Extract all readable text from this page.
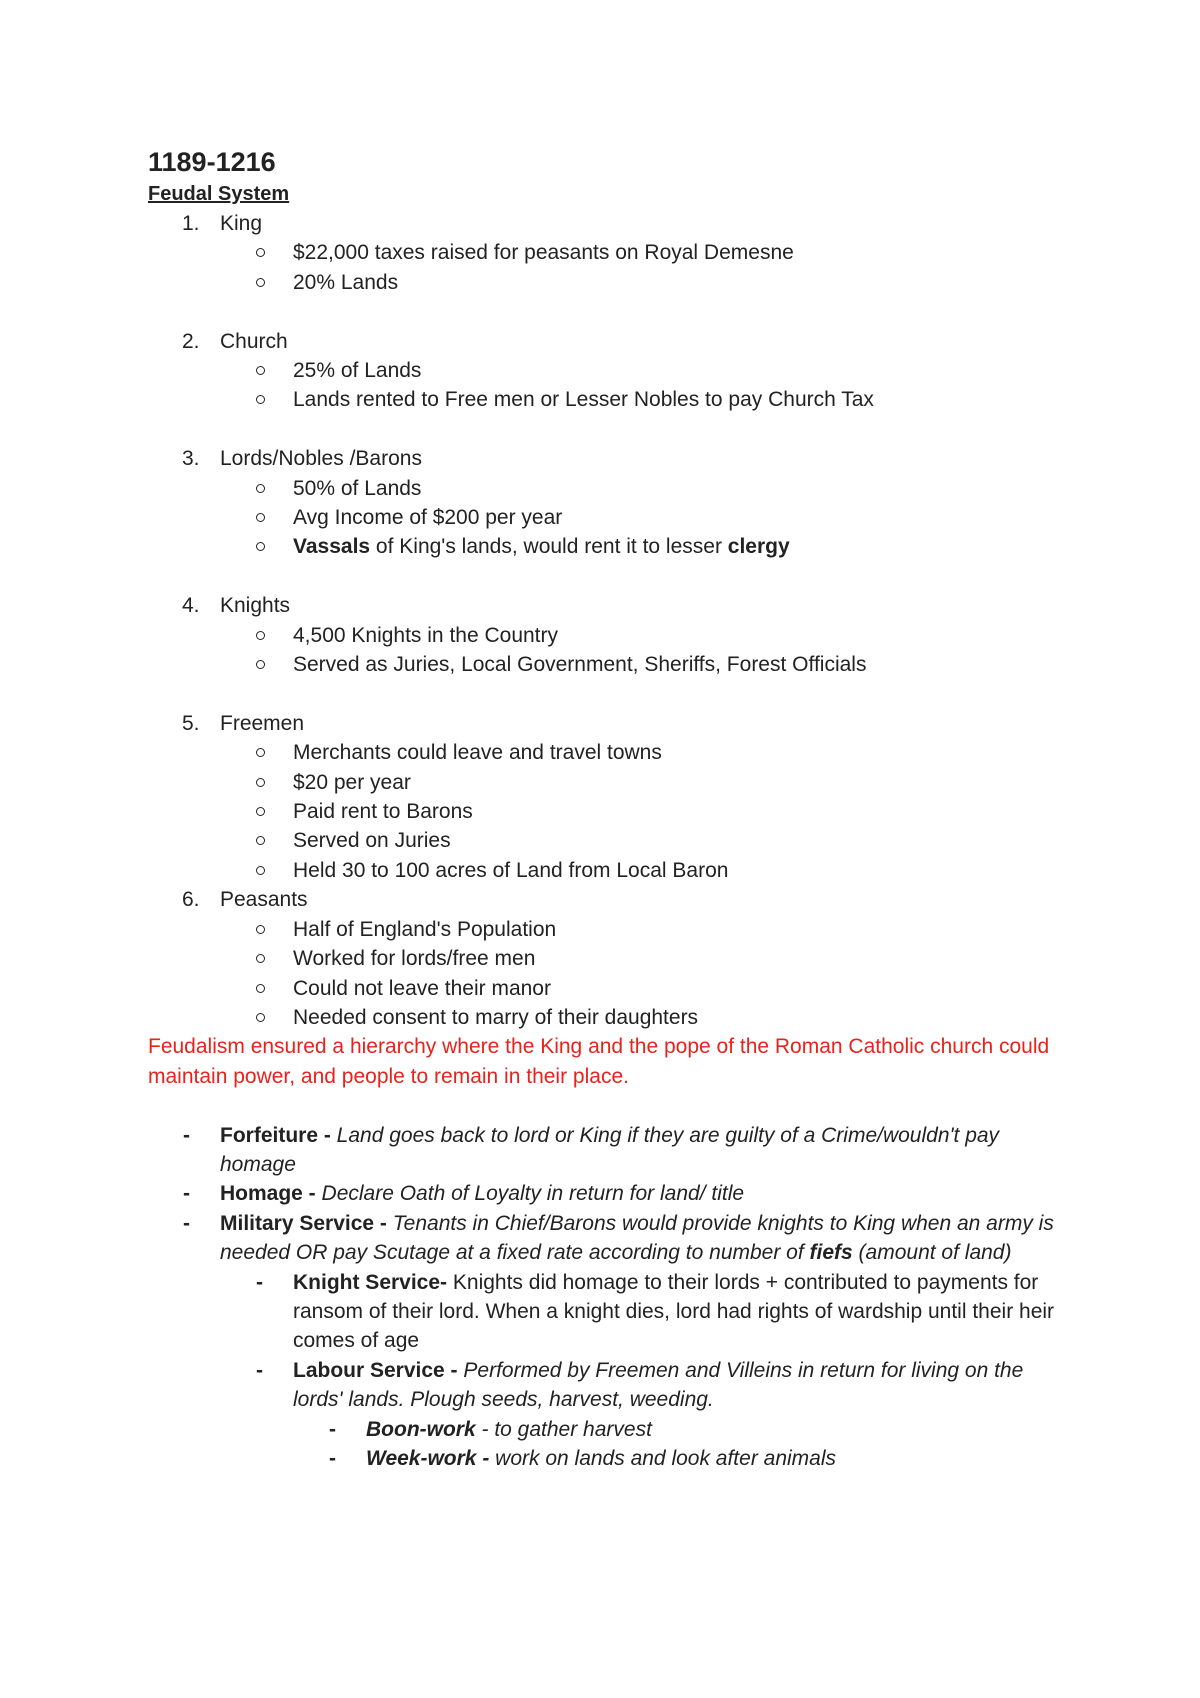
1189-1216
Feudal System
1. King
$22,000 taxes raised for peasants on Royal Demesne
20% Lands
2. Church
25% of Lands
Lands rented to Free men or Lesser Nobles to pay Church Tax
3. Lords/Nobles /Barons
50% of Lands
Avg Income of $200 per year
Vassals of King's lands, would rent it to lesser clergy
4. Knights
4,500 Knights in the Country
Served as Juries, Local Government, Sheriffs, Forest Officials
5. Freemen
Merchants could leave and travel towns
$20 per year
Paid rent to Barons
Served on Juries
Held 30 to 100 acres of Land from Local Baron
6. Peasants
Half of England's Population
Worked for lords/free men
Could not leave their manor
Needed consent to marry of their daughters
Feudalism ensured a hierarchy where the King and the pope of the Roman Catholic church could maintain power, and people to remain in their place.
- Forfeiture - Land goes back to lord or King if they are guilty of a Crime/wouldn't pay homage
- Homage - Declare Oath of Loyalty in return for land/ title
- Military Service - Tenants in Chief/Barons would provide knights to King when an army is needed OR pay Scutage at a fixed rate according to number of fiefs (amount of land)
- Knight Service- Knights did homage to their lords + contributed to payments for ransom of their lord. When a knight dies, lord had rights of wardship until their heir comes of age
- Labour Service - Performed by Freemen and Villeins in return for living on the lords' lands. Plough seeds, harvest, weeding.
- Boon-work - to gather harvest
- Week-work - work on lands and look after animals
